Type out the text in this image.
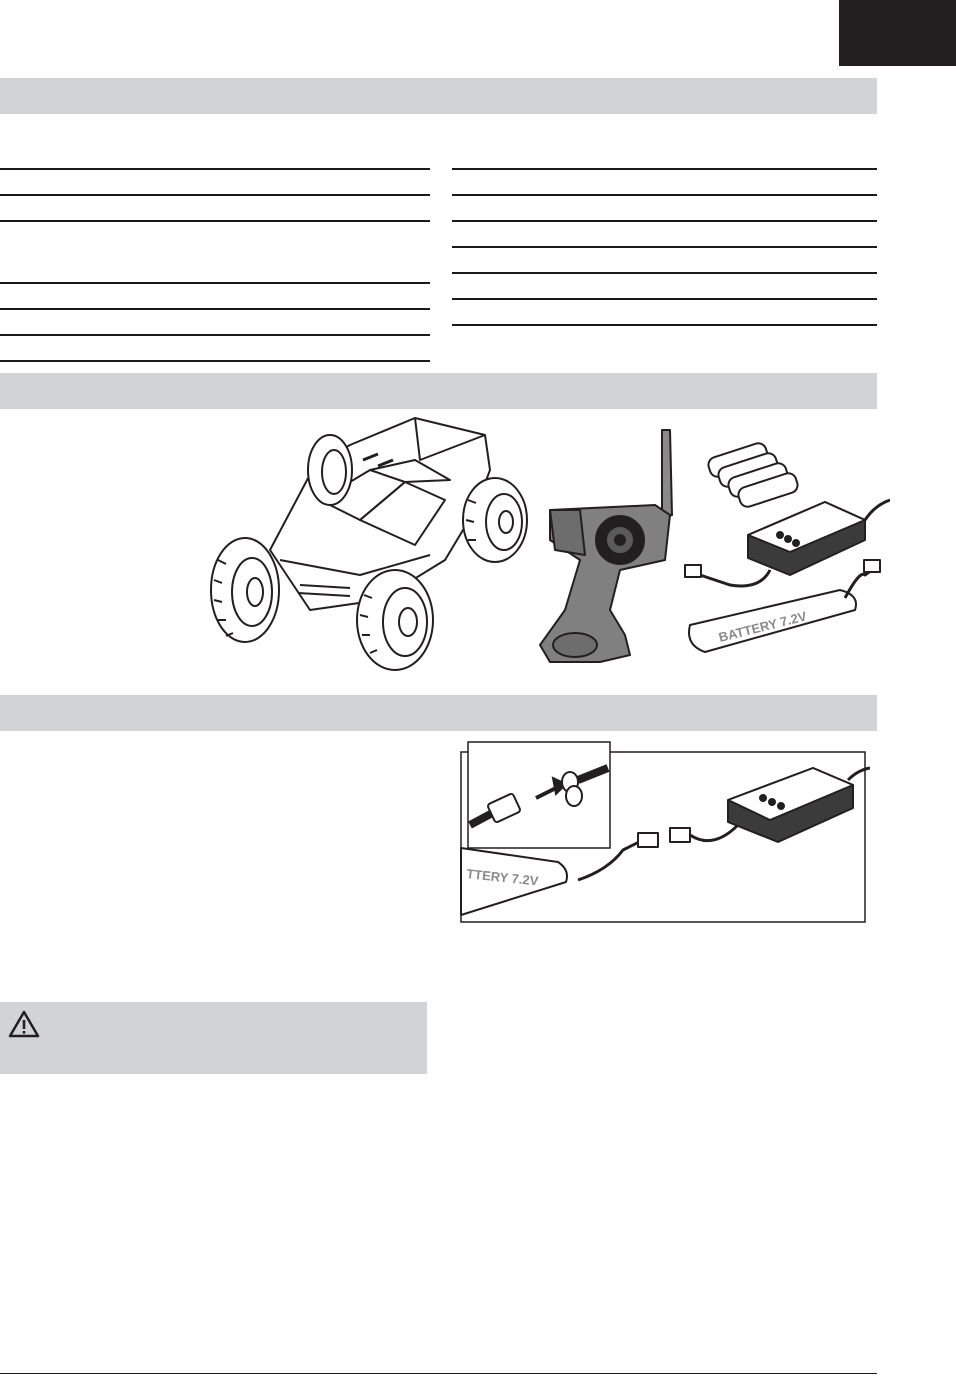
BATTERY 7.2V
TTERY 7.2V
